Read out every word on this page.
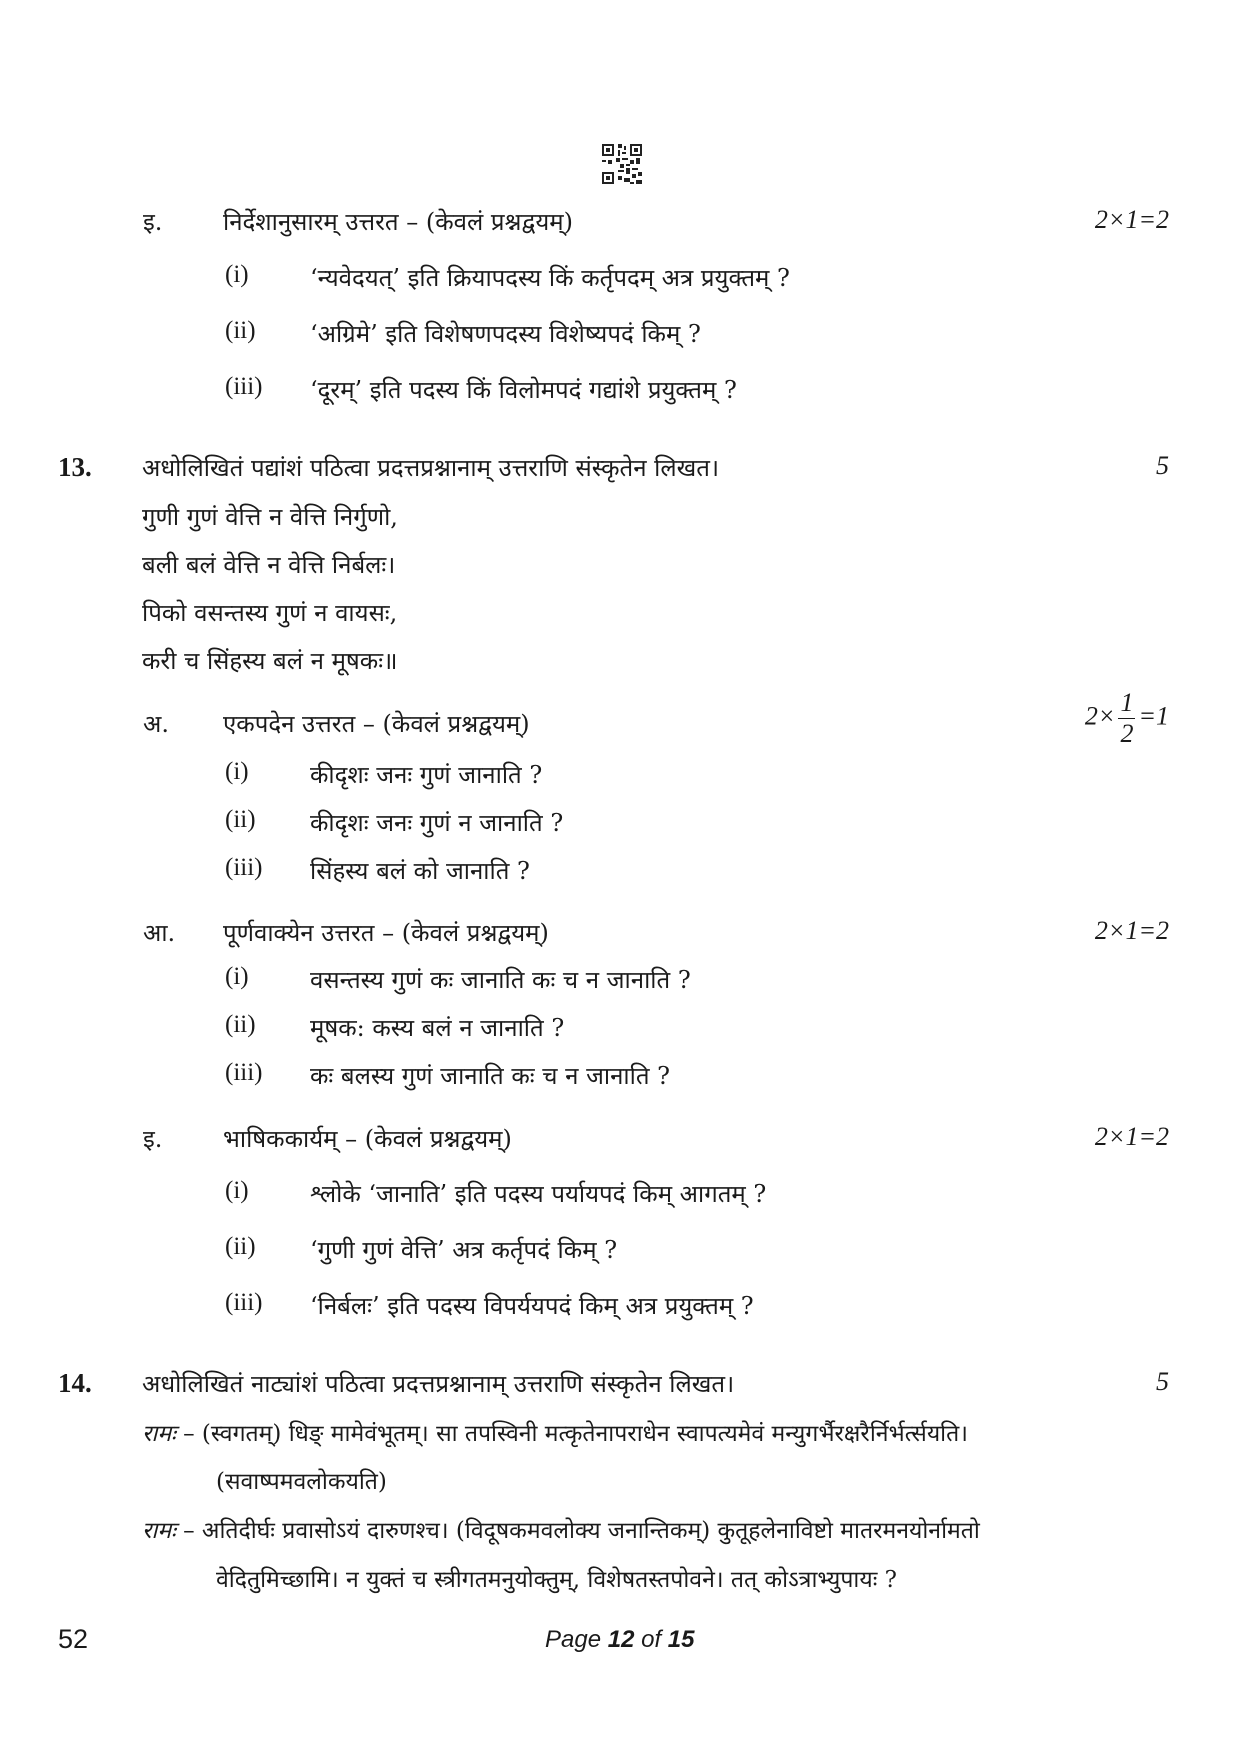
इ.	निर्देशानुसारम् उत्तरत – (केवलं प्रश्नद्वयम्)	2×1=2
(i)	‘न्यवेदयत्’ इति क्रियापदस्य किं कर्तृपदम् अत्र प्रयुक्तम् ?
(ii) ‘अग्रिमे’ इति विशेषणपदस्य विशेष्यपदं किम् ?
(iii) ‘दूरम्’ इति पदस्य किं विलोमपदं गद्यांशे प्रयुक्तम् ?
13. अधोलिखितं पद्यांशं पठित्वा प्रदत्तप्रश्नानाम् उत्तराणि संस्कृतेन लिखत।	5
गुणी गुणं वेत्ति न वेत्ति निर्गुणो,
बली बलं वेत्ति न वेत्ति निर्बलः।
पिको वसन्तस्य गुणं न वायसः,
करी च सिंहस्य बलं न मूषकः॥
अ. एकपदेन उत्तरत – (केवलं प्रश्नद्वयम्)	$2\times \frac{1}{2} =1$
(i)	कीदृशः जनः गुणं जानाति ?
(ii) कीदृशः जनः गुणं न जानाति ?
(iii) सिंहस्य बलं को जानाति ?
आ. पूर्णवाक्येन उत्तरत – (केवलं प्रश्नद्वयम्)	2×1=2
(i)	वसन्तस्य गुणं कः जानाति कः च न जानाति ?
(ii) मूषक: कस्य बलं न जानाति ?
(iii) कः बलस्य गुणं जानाति कः च न जानाति ?
इ.	भाषिककार्यम् – (केवलं प्रश्नद्वयम्)	2×1=2
(i)	श्लोके ‘जानाति’ इति पदस्य पर्यायपदं किम् आगतम् ?
(ii) ‘गुणी गुणं वेत्ति’ अत्र कर्तृपदं किम् ?
(iii) ‘निर्बलः’ इति पदस्य विपर्ययपदं किम् अत्र प्रयुक्तम् ?
14. अधोलिखितं नाट्यांशं पठित्वा प्रदत्तप्रश्नानाम् उत्तराणि संस्कृतेन लिखत।	5
रामः – (स्वगतम्) धिङ् मामेवंभूतम्। सा तपस्विनी मत्कृतेनापराधेन स्वापत्यमेवं मन्युगर्भैरक्षरैर्निर्भर्त्सयति।
(सवाष्पमवलोकयति)
रामः – अतिदीर्घः प्रवासोऽयं दारुणश्च। (विदूषकमवलोक्य जनान्तिकम्) कुतूहलेनाविष्टो मातरमनयोर्नामतो
वेदितुमिच्छामि। न युक्तं च स्त्रीगतमनुयोक्तुम्, विशेषतस्तपोवने। तत् कोऽत्राभ्युपायः ?
52	Page 12 of 15
